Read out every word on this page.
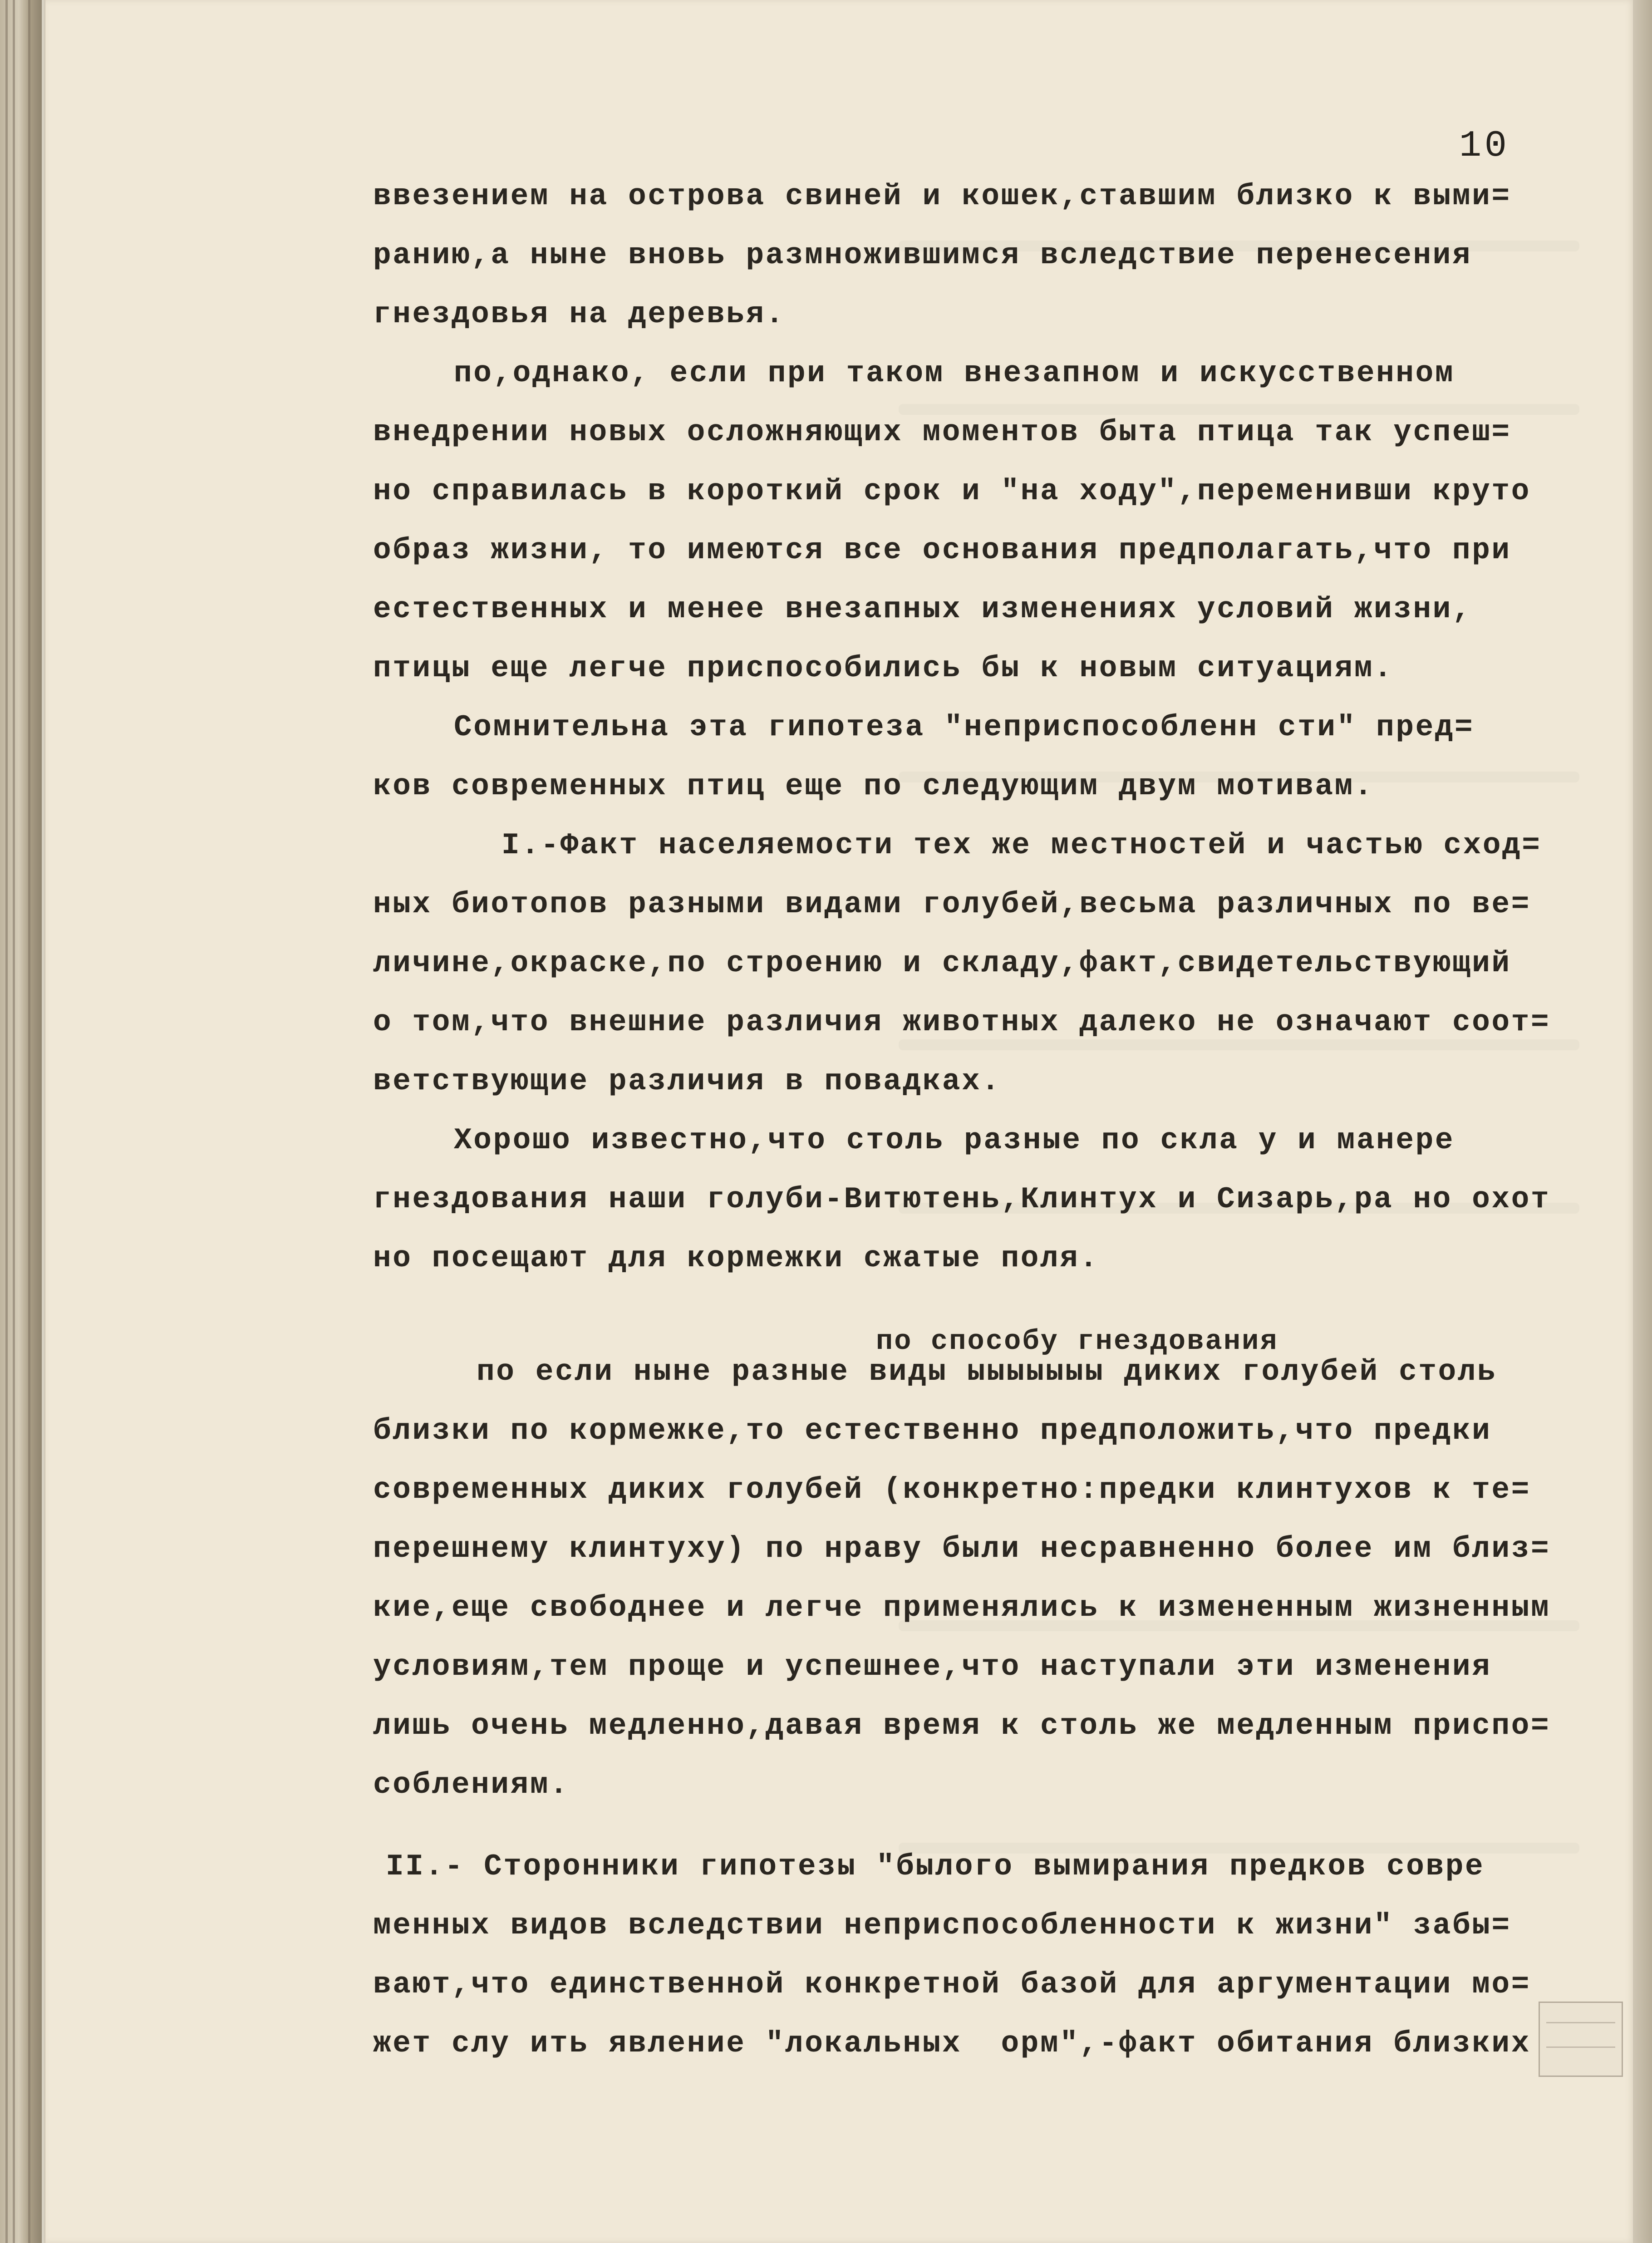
10
ввезением на острова свиней и кошек,ставшим близко к выми=
ранию,а ныне вновь размножившимся вследствие перенесения
гнездовья на деревья.
по,однако, если при таком внезапном и искусственном
внедрении новых осложняющих моментов быта птица так успеш=
но справилась в короткий срок и "на ходу",переменивши круто
образ жизни, то имеются все основания предполагать,что при
естественных и менее внезапных изменениях условий жизни,
птицы еще легче приспособились бы к новым ситуациям.
Сомнительна эта гипотеза "неприспособленн сти" пред=
ков современных птиц еще по следующим двум мотивам.
I.-Факт населяемости тех же местностей и частью сход=
ных биотопов разными видами голубей,весьма различных по ве=
личине,окраске,по строению и складу,факт,свидетельствующий
о том,что внешние различия животных далеко не означают соот=
ветствующие различия в повадках.
Хорошо известно,что столь разные по скла у и манере
гнездования наши голуби-Витютень,Клинтух и Сизарь,ра но охот
но посещают для кормежки сжатые поля.
по способу гнездования
по если ныне разные виды ыыыыыыы диких голубей столь
близки по кормежке,то естественно предположить,что предки
современных диких голубей (конкретно:предки клинтухов к те=
перешнему клинтуху) по нраву были несравненно более им близ=
кие,еще свободнее и легче применялись к измененным жизненным
условиям,тем проще и успешнее,что наступали эти изменения
лишь очень медленно,давая время к столь же медленным приспо=
соблениям.
II.- Сторонники гипотезы "былого вымирания предков совре
менных видов вследствии неприспособленности к жизни" забы=
вают,что единственной конкретной базой для аргументации мо=
жет слу ить явление "локальных  орм",-факт обитания близких
